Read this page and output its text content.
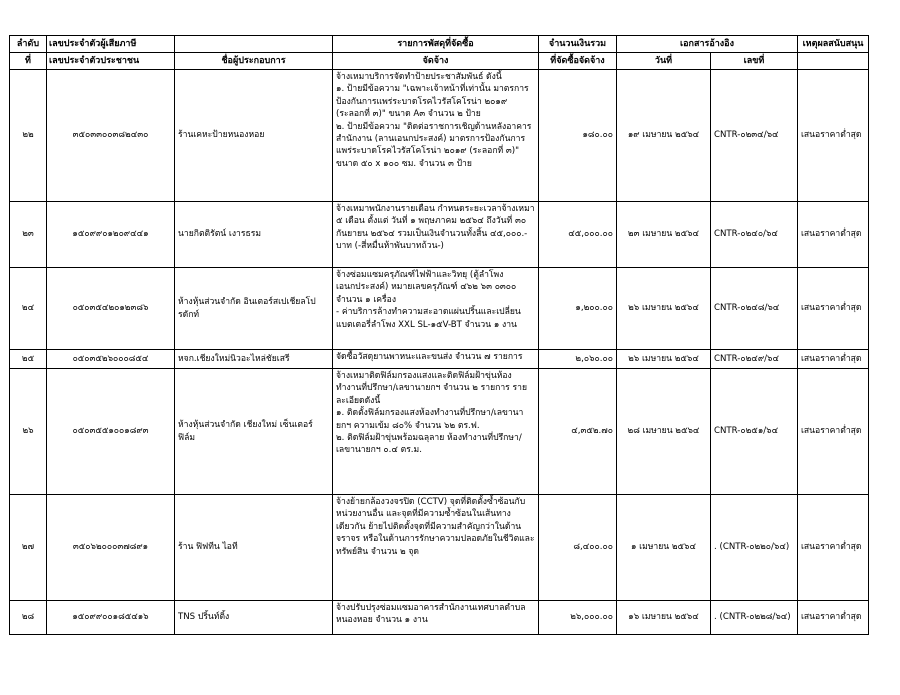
ลำดับ	เลขประจำตัวผู้เสียภาษี		รายการพัสดุที่จัดซื้อ	จำนวนเงินรวม	เอกสารอ้างอิง		เหตุผลสนับสนุน
ที่	เลขประจำตัวประชาชน	ชื่อผู้ประกอบการ	จัดจ้าง	ที่จัดซื้อจัดจ้าง	วันที่	เลขที่	
๒๒	๓๕๐๓๓๐๐๓๘๒๔๓๐	ร้านเคหะป้ายหนองหอย	จ้างเหมาบริการจัดทำป้ายประชาสัมพันธ์ ดังนี้
๑. ป้ายมีข้อความ "เฉพาะเจ้าหน้าที่เท่านั้น มาตรการป้องกันการแพร่ระบาดโรคไวรัสโคโรน่า ๒๐๑๙ (ระลอกที่ ๓)" ขนาด A๓ จำนวน ๒ ป้าย
๒. ป้ายมีข้อความ "ติดต่อราชการเชิญด้านหลังอาคารสำนักงาน (ลานเอนกประสงค์) มาตรการป้องกันการแพร่ระบาดโรคไวรัสโคโรน่า ๒๐๑๙ (ระลอกที่ ๓)" ขนาด ๕๐ x ๑๐๐ ซม. จำนวน ๓ ป้าย	๑๘๐.๐๐	๑๙ เมษายน ๒๕๖๔	CNTR-๐๒๓๔/๖๔	เสนอราคาต่ำสุด
๒๓	๑๕๐๙๙๐๑๒๐๙๔๔๑	นายกิตติรัตน์ เงารธรม	จ้างเหมาพนักงานรายเดือน กำหนดระยะเวลาจ้างเหมา ๕ เดือน ตั้งแต่ วันที่ ๑ พฤษภาคม ๒๕๖๔ ถึงวันที่ ๓๐ กันยายน ๒๕๖๔ รวมเป็นเงินจำนวนทั้งสิ้น ๔๕,๐๐๐.-บาท (-สี่หมื่นห้าพันบาทถ้วน-)	๔๕,๐๐๐.๐๐	๒๓ เมษายน ๒๕๖๔	CNTR-๐๒๔๐/๖๔	เสนอราคาต่ำสุด
๒๔	๐๕๐๓๕๔๒๐๑๒๓๘๖	ห้างหุ้นส่วนจำกัด อินเตอร์สเปเชียลโปรดักท์	จ้างซ่อมแซมครุภัณฑ์ไฟฟ้าและวิทยุ (ตู้ลำโพงเอนกประสงค์) หมายเลขครุภัณฑ์ ๔๖๒ ๖๓ ๐๓๐๐ จำนวน ๑ เครื่อง
- ค่าบริการล้างทำความสะอาดแผ่นปริ้นและเปลี่ยนแบตเตอรี่ลำโพง XXL SL-๑๕V-BT จำนวน ๑ งาน	๑,๒๐๐.๐๐	๒๖ เมษายน ๒๕๖๔	CNTR-๐๒๔๘/๖๔	เสนอราคาต่ำสุด
๒๕	๐๕๐๓๕๒๖๐๐๐๘๕๔	หจก.เชียงใหม่นิวอะไหล่ชัยเสรี	จัดซื้อวัสดุยานพาหนะและขนส่ง จำนวน ๗ รายการ	๒,๐๖๐.๐๐	๒๖ เมษายน ๒๕๖๔	CNTR-๐๒๔๙/๖๔	เสนอราคาต่ำสุด
๒๖	๐๕๐๓๕๕๑๐๐๑๘๙๓	ห้างหุ้นส่วนจำกัด เชียงใหม่ เซ็นเตอร์ ฟิล์ม	จ้างเหมาติดฟิล์มกรองแสงและติดฟิล์มฝ้าขุ่นห้องทำงานที่ปรึกษา/เลขานายกฯ จำนวน ๒ รายการ รายละเอียดดังนี้
๑. ติดตั้งฟิล์มกรองแสงห้องทำงานที่ปรึกษา/เลขานายกฯ ความเข้ม ๘๐% จำนวน ๖๒ ตร.ฟ.
๒. ติดฟิล์มฝ้าขุ่นพร้อมฉลุลาย ห้องทำงานที่ปรึกษา/เลขานายกฯ ๐.๔ ตร.ม.	๔,๓๕๒.๗๐	๒๘ เมษายน ๒๕๖๔	CNTR-๐๒๕๑/๖๔	เสนอราคาต่ำสุด
๒๗	๓๕๐๖๒๐๐๐๓๗๘๙๑	ร้าน ฟิฟทีน ไอที	จ้างย้ายกล้องวงจรปิด (CCTV) จุดที่ติดตั้งซ้ำซ้อนกับหน่วยงานอื่น และจุดที่มีความซ้ำซ้อนในเส้นทางเดียวกัน ย้ายไปติดตั้งจุดที่มีความสำคัญกว่าในด้านจราจร หรือในด้านการรักษาความปลอดภัยในชีวิตและทรัพย์สิน จำนวน ๒ จุด	๘,๔๐๐.๐๐	๑ เมษายน ๒๕๖๔	. (CNTR-๐๒๒๐/๖๔)	เสนอราคาต่ำสุด
๒๘	๑๕๐๙๙๐๐๑๘๕๔๑๖	TNS ปริ้นท์ติ้ง	จ้างปรับปรุงซ่อมแซมอาคารสำนักงานเทศบาลตำบลหนองหอย จำนวน ๑ งาน	๒๖,๐๐๐.๐๐	๑๖ เมษายน ๒๕๖๔	. (CNTR-๐๒๒๘/๖๔)	เสนอราคาต่ำสุด
